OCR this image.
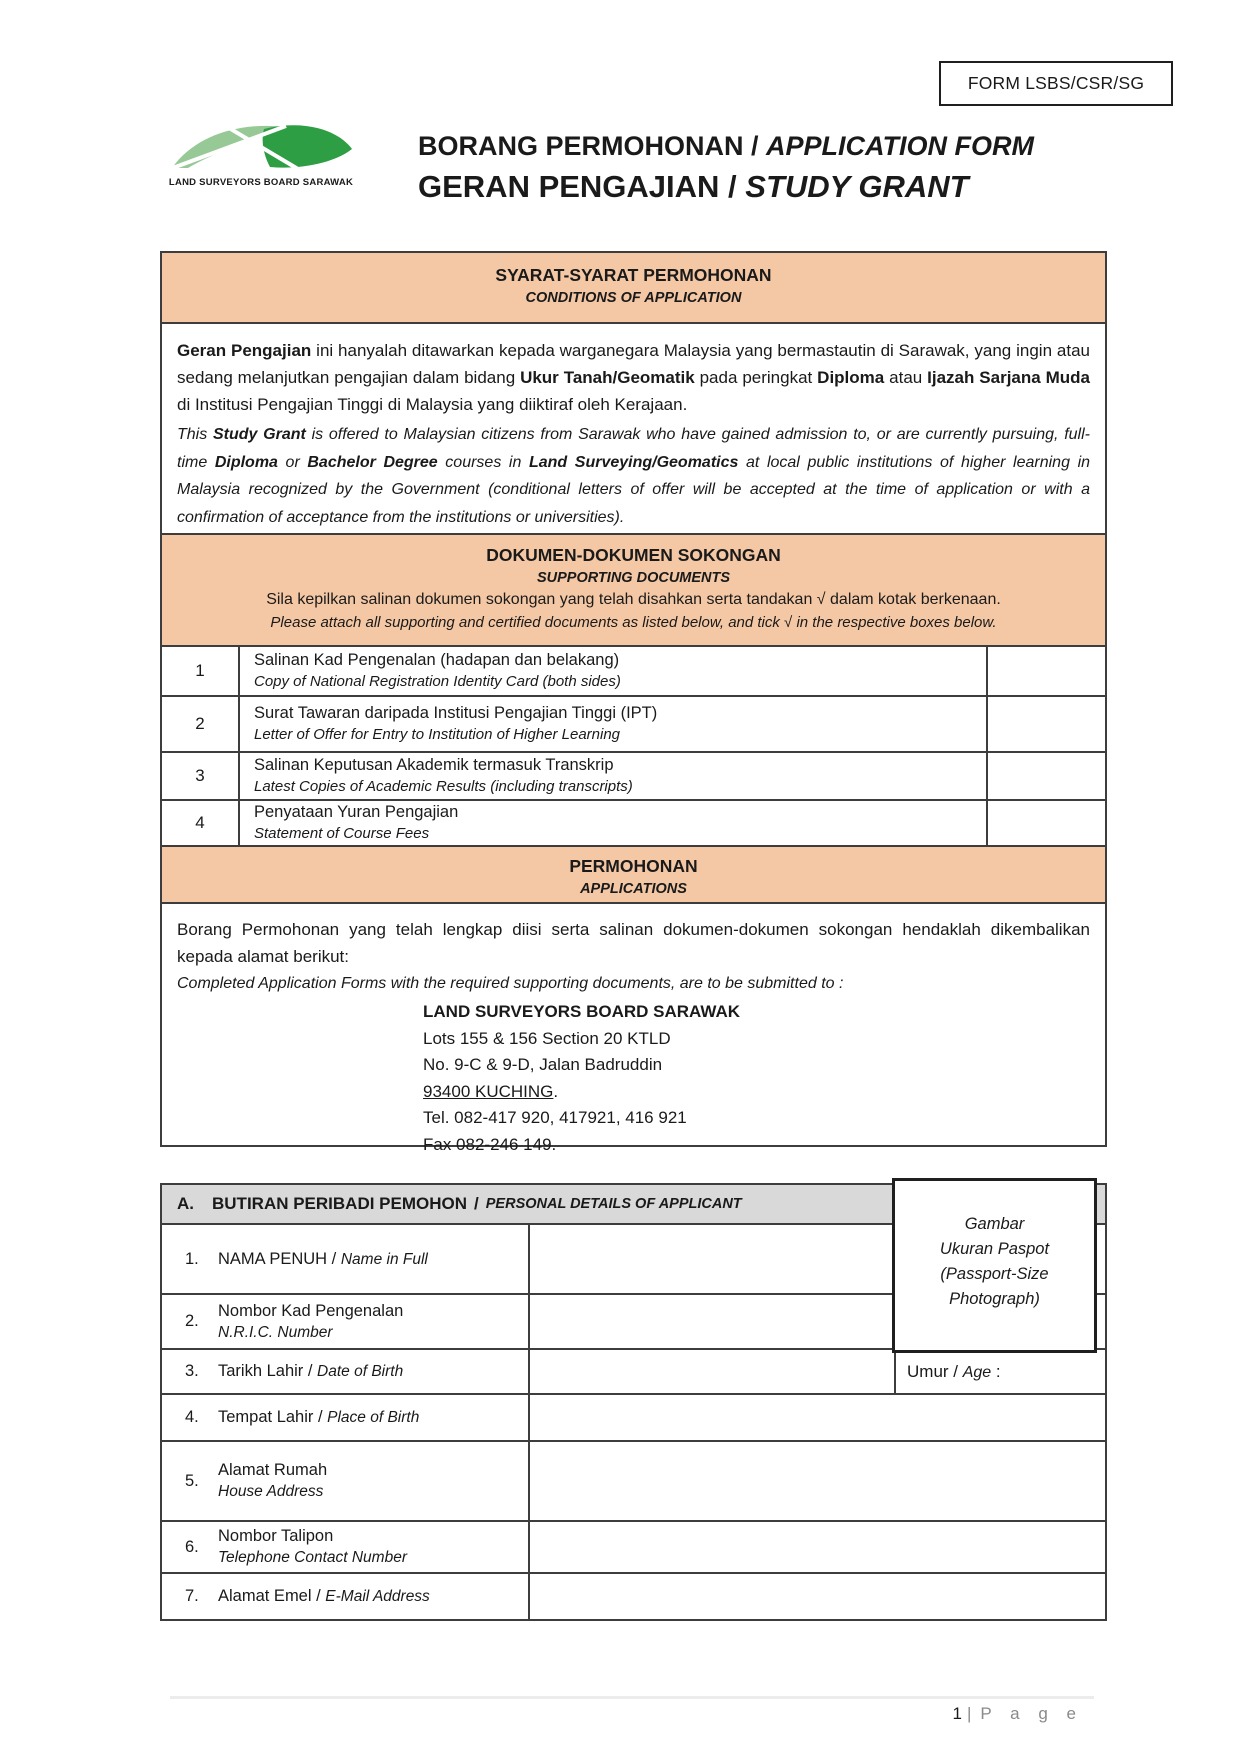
FORM LSBS/CSR/SG
LAND SURVEYORS BOARD SARAWAK
BORANG PERMOHONAN / APPLICATION FORM
GERAN PENGAJIAN / STUDY GRANT
SYARAT-SYARAT PERMOHONAN
CONDITIONS OF APPLICATION
Geran Pengajian ini hanyalah ditawarkan kepada warganegara Malaysia yang bermastautin di Sarawak, yang ingin atau sedang melanjutkan pengajian dalam bidang Ukur Tanah/Geomatik pada peringkat Diploma atau Ijazah Sarjana Muda di Institusi Pengajian Tinggi di Malaysia yang diiktiraf oleh Kerajaan.
This Study Grant is offered to Malaysian citizens from Sarawak who have gained admission to, or are currently pursuing, full-time Diploma or Bachelor Degree courses in Land Surveying/Geomatics at local public institutions of higher learning in Malaysia recognized by the Government (conditional letters of offer will be accepted at the time of application or with a confirmation of acceptance from the institutions or universities).
DOKUMEN-DOKUMEN SOKONGAN
SUPPORTING DOCUMENTS
Sila kepilkan salinan dokumen sokongan yang telah disahkan serta tandakan √ dalam kotak berkenaan.
Please attach all supporting and certified documents as listed below, and tick √ in the respective boxes below.
1
Salinan Kad Pengenalan (hadapan dan belakang)
Copy of National Registration Identity Card (both sides)
2
Surat Tawaran daripada Institusi Pengajian Tinggi (IPT)
Letter of Offer for Entry to Institution of Higher Learning
3
Salinan Keputusan Akademik termasuk Transkrip
Latest Copies of Academic Results (including transcripts)
4
Penyataan Yuran Pengajian
Statement of Course Fees
PERMOHONAN
APPLICATIONS
Borang Permohonan yang telah lengkap diisi serta salinan dokumen-dokumen sokongan hendaklah dikembalikan kepada alamat berikut:
Completed Application Forms with the required supporting documents, are to be submitted to :
LAND SURVEYORS BOARD SARAWAK
Lots 155 & 156 Section 20 KTLD
No. 9-C & 9-D, Jalan Badruddin
93400 KUCHING.
Tel. 082-417 920, 417921, 416 921
Fax 082-246 149.
A. BUTIRAN PERIBADI PEMOHON / PERSONAL DETAILS OF APPLICANT
1.	NAMA PENUH / Name in Full
2.
Nombor Kad Pengenalan
N.R.I.C. Number
3.	Tarikh Lahir / Date of Birth	Umur / Age :
4.	Tempat Lahir / Place of Birth
5.
Alamat Rumah
House Address
6.
Nombor Talipon
Telephone Contact Number
7.	Alamat Emel / E-Mail Address
Gambar
Ukuran Paspot
(Passport-Size
Photograph)
1 | P a g e
